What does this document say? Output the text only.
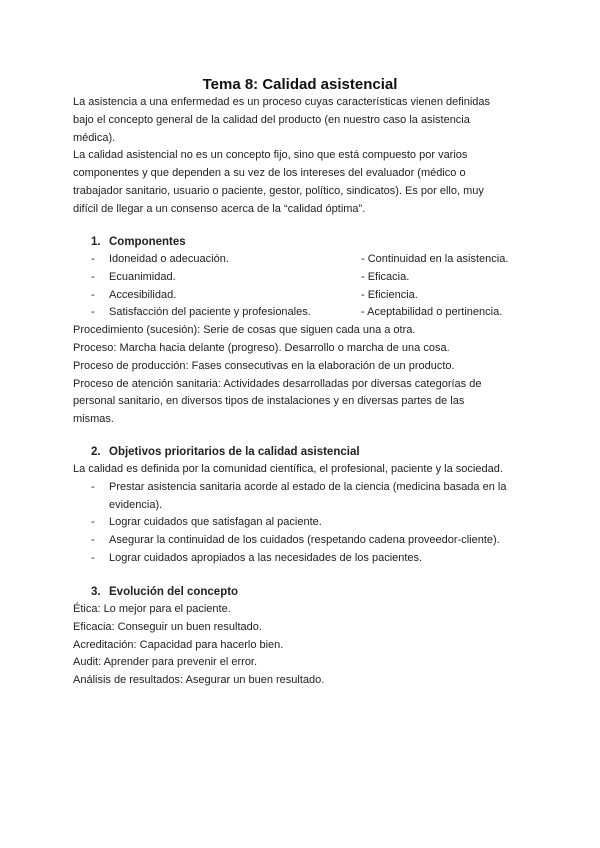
Tema 8: Calidad asistencial
La asistencia a una enfermedad es un proceso cuyas características vienen definidas
bajo el concepto general de la calidad del producto (en nuestro caso la asistencia
médica).
La calidad asistencial no es un concepto fijo, sino que está compuesto por varios
componentes y que dependen a su vez de los intereses del evaluador (médico o
trabajador sanitario, usuario o paciente, gestor, político, sindicatos). Es por ello, muy
difícil de llegar a un consenso acerca de la “calidad óptima”.
1. Componentes
- Idoneidad o adecuación.	- Continuidad en la asistencia.
- Ecuanimidad.	- Eficacia.
- Accesibilidad.	- Eficiencia.
- Satisfacción del paciente y profesionales.	- Aceptabilidad o pertinencia.
Procedimiento (sucesión): Serie de cosas que siguen cada una a otra.
Proceso: Marcha hacia delante (progreso). Desarrollo o marcha de una cosa.
Proceso de producción: Fases consecutivas en la elaboración de un producto.
Proceso de atención sanitaria: Actividades desarrolladas por diversas categorías de
personal sanitario, en diversos tipos de instalaciones y en diversas partes de las
mismas.
2. Objetivos prioritarios de la calidad asistencial
La calidad es definida por la comunidad científica, el profesional, paciente y la sociedad.
- Prestar asistencia sanitaria acorde al estado de la ciencia (medicina basada en la
evidencia).
- Lograr cuidados que satisfagan al paciente.
- Asegurar la continuidad de los cuidados (respetando cadena proveedor-cliente).
- Lograr cuidados apropiados a las necesidades de los pacientes.
3. Evolución del concepto
Ética: Lo mejor para el paciente.
Eficacia: Conseguir un buen resultado.
Acreditación: Capacidad para hacerlo bien.
Audit: Aprender para prevenir el error.
Análisis de resultados: Asegurar un buen resultado.
